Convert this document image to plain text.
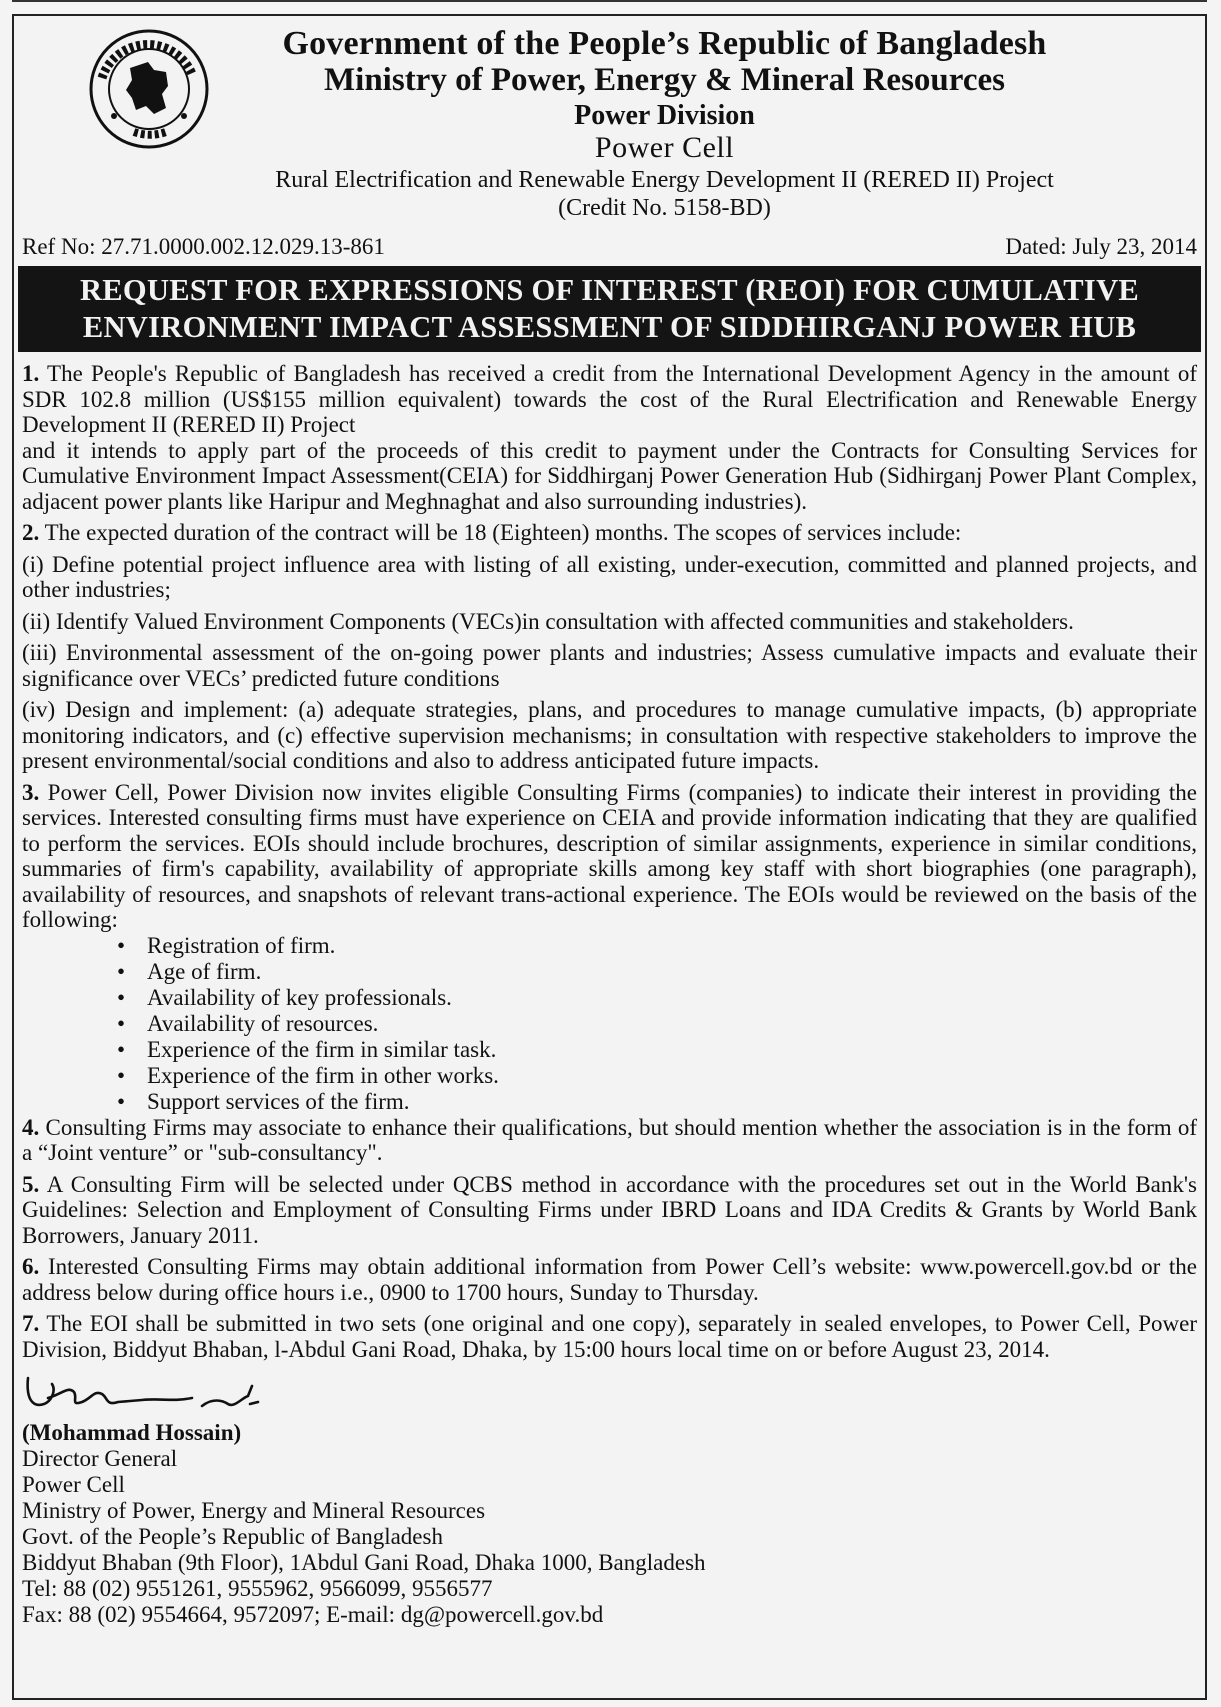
Government of the People’s Republic of Bangladesh
Ministry of Power, Energy & Mineral Resources
Power Division
Power Cell
Rural Electrification and Renewable Energy Development II (RERED II) Project
(Credit No. 5158-BD)
Ref No: 27.71.0000.002.12.029.13-861	Dated: July 23, 2014
REQUEST FOR EXPRESSIONS OF INTEREST (REOI) FOR CUMULATIVE
ENVIRONMENT IMPACT ASSESSMENT OF SIDDHIRGANJ POWER HUB

1. The People's Republic of Bangladesh has received a credit from the International Development Agency in the amount of SDR 102.8 million (US$155 million equivalent) towards the cost of the Rural Electrification and Renewable Energy Development II (RERED II) Project
and it intends to apply part of the proceeds of this credit to payment under the Contracts for Consulting Services for Cumulative Environment Impact Assessment(CEIA) for Siddhirganj Power Generation Hub (Sidhirganj Power Plant Complex, adjacent power plants like Haripur and Meghnaghat and also surrounding industries).

2. The expected duration of the contract will be 18 (Eighteen) months. The scopes of services include:

(i) Define potential project influence area with listing of all existing, under-execution, committed and planned projects, and other industries;

(ii) Identify Valued Environment Components (VECs)in consultation with affected communities and stakeholders.

(iii) Environmental assessment of the on-going power plants and industries; Assess cumulative impacts and evaluate their significance over VECs’ predicted future conditions

(iv) Design and implement: (a) adequate strategies, plans, and procedures to manage cumulative impacts, (b) appropriate monitoring indicators, and (c) effective supervision mechanisms; in consultation with respective stakeholders to improve the present environmental/social conditions and also to address anticipated future impacts.

3. Power Cell, Power Division now invites eligible Consulting Firms (companies) to indicate their interest in providing the services. Interested consulting firms must have experience on CEIA and provide information indicating that they are qualified to perform the services. EOIs should include brochures, description of similar assignments, experience in similar conditions, summaries of firm's capability, availability of appropriate skills among key staff with short biographies (one paragraph), availability of resources, and snapshots of relevant trans-actional experience. The EOIs would be reviewed on the basis of the following:

• Registration of firm.
• Age of firm.
• Availability of key professionals.
• Availability of resources.
• Experience of the firm in similar task.
• Experience of the firm in other works.
• Support services of the firm.

4. Consulting Firms may associate to enhance their qualifications, but should mention whether the association is in the form of a “Joint venture” or "sub-consultancy".

5. A Consulting Firm will be selected under QCBS method in accordance with the procedures set out in the World Bank's Guidelines: Selection and Employment of Consulting Firms under IBRD Loans and IDA Credits & Grants by World Bank Borrowers, January 2011.

6. Interested Consulting Firms may obtain additional information from Power Cell’s website: www.powercell.gov.bd or the address below during office hours i.e., 0900 to 1700 hours, Sunday to Thursday.

7. The EOI shall be submitted in two sets (one original and one copy), separately in sealed envelopes, to Power Cell, Power Division, Biddyut Bhaban, l-Abdul Gani Road, Dhaka, by 15:00 hours local time on or before August 23, 2014.

(Mohammad Hossain)
Director General
Power Cell
Ministry of Power, Energy and Mineral Resources
Govt. of the People’s Republic of Bangladesh
Biddyut Bhaban (9th Floor), 1Abdul Gani Road, Dhaka 1000, Bangladesh
Tel: 88 (02) 9551261, 9555962, 9566099, 9556577
Fax: 88 (02) 9554664, 9572097; E-mail: dg@powercell.gov.bd
